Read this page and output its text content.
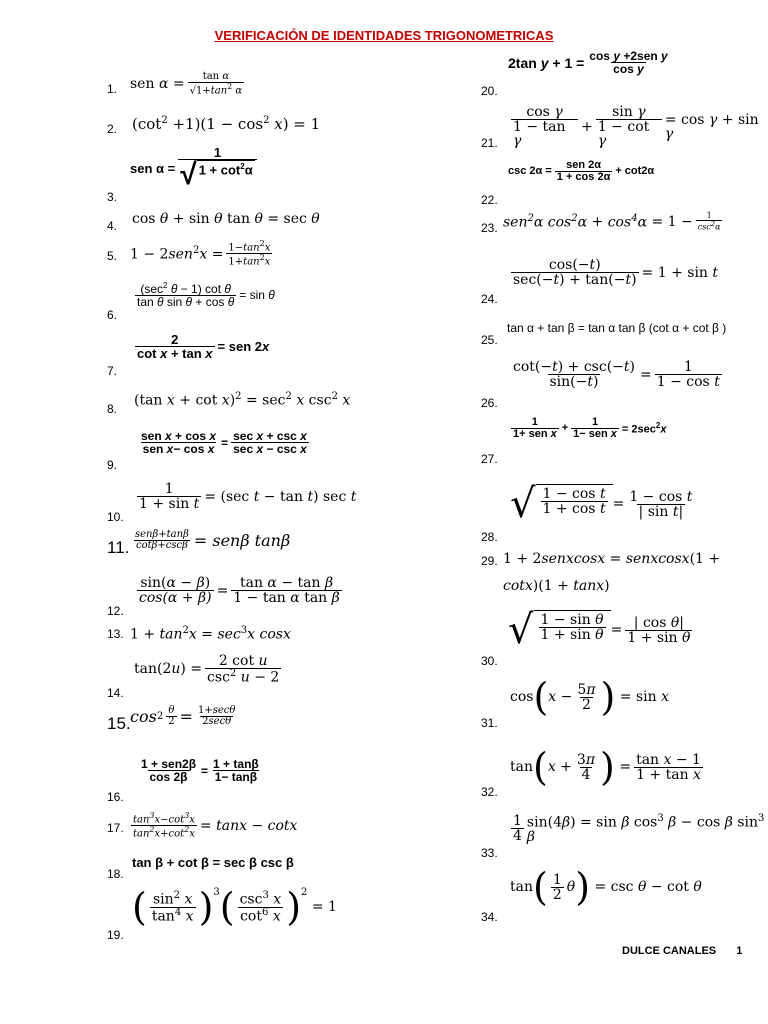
VERIFICACIÓN DE IDENTIDADES TRIGONOMETRICAS
1. sen $\alpha = \frac{\text{tan α}}{√1+\tan^2 \alpha}$
2. $(\cot^2 +1)(1 - \cos^2 x) = 1$
3.
sen $\alpha = \frac{1}{√ 1 + \cot^2\alpha}$
4. cos θ + sin θ tan θ = sec θ
5. $1 - 2sen^2x = \frac{1-\tan^2x}{1+\tan^2x}$
6.
$\frac{(\sec^2 \theta - 1) \cot \theta}{\text{tan θ sin θ + cos θ}} = \sin \theta$
7.
$\frac{2}{\text{cot x + tan x}}$ = sen 2x
8.
(tan $x + \cot x)^2 = \sec^2 x$ $\csc^2 x$
9.
$\frac{\text{sen x + cos x}}{\text{sen x− cos x}} = \frac{\text{sec x + csc x}}{\text{sec x − csc x}}$
10.
$\frac{1}{\text{1 + sin t}} = (\sec$ t − tan t) sec t
11. $\frac{\text{senβ+tanβ}}{\cot\beta+\csc\beta} = sen\beta$ tanβ
12.
$\frac{\sin(\alpha - \beta)}{\cos(\alpha + \beta)} = \frac{\text{tan α − tan β}}{\text{1 − tan α tan β}}$
13. $1 + \tan^2x = \sec^3x$ cosx
14.
$\tan(2u) = \frac{\text{2 cot u}}{\csc^2 u - 2}$
15. $\cos 2 \frac{\theta}{2} = \frac{1+\sec\theta}{2\sec\theta}$
16.
$\frac{\text{1 + sen2β}}{\cos 2\beta} = \frac{1 + \tan\beta}{1- \tan\beta}$
17. $\frac{\tan^3x-\cot^3x}{\tan^2x+\cot^2x} = \tan x - \cot x$
18.
tan β + cot β = sec β csc β
19.
( $\frac{\sin^2 x}{\tan^4 x} )^3$ ( $\frac{\csc^3 x}{\cot^6 x} )^2$
= 1
20.
2tan $y + 1 = \frac{\text{cos y +2sen y}}{\text{cos y}}$
21. $\frac{\text{cos γ}}{\text{1 − tan γ}} + \frac{\text{sin γ}}{\text{1 − cot γ}} = \cos \gamma + \sin \gamma$
22.
$\csc 2\alpha = \frac{\text{sen 2α}}{1 + \cos 2\alpha} + \cot 2\alpha$
23. sen$^2$α $\cos^2\alpha + \cos^4\alpha = 1 - \frac{1}{\csc^2\alpha}$
24.
$\frac{\cos(-t)}{\sec(-t) + \tan(-t)} = 1 + \sin t$
25.
tan α + tan β = tan α tan β (cot α + cot β )
26.
$\frac{\cot(-t) + \csc(-t)}{\sin(-t)} = \frac{1}{\text{1 − cos t}}$
27.
$\frac{1}{\text{1+ sen x}} + \frac{1}{\text{1− sen x}} = 2\sec^2x$
28.
√ $\frac{\text{1 − cos t}}{\text{1 + cos t}} = \frac{\text{1 − cos t}}{\text{| sin t|}}$
29. 1 + 2senxcosx = senxcosx(1 +
cotx)(1 + tanx)
30.
√ $\frac{\text{1 − sin θ}}{\text{1 + sin θ}} = \frac{\text{| cos θ|}}{\text{1 + sin θ}}$
31.
cos ( $x - \frac{5\pi}{2}$ ) = sin x
32.
tan ( $x + \frac{3\pi}{4}$ ) = $\frac{\text{tan x − 1}}{\text{1 + tan x}}$
33.
$\frac{1}{4} \sin(4\beta) = \sin \beta$ $\cos^3 \beta - \cos \beta$ $\sin^3 \beta$
34.
tan ( $\frac{1}{2}$ θ ) = csc θ − cot θ
DULCE CANALES 1
